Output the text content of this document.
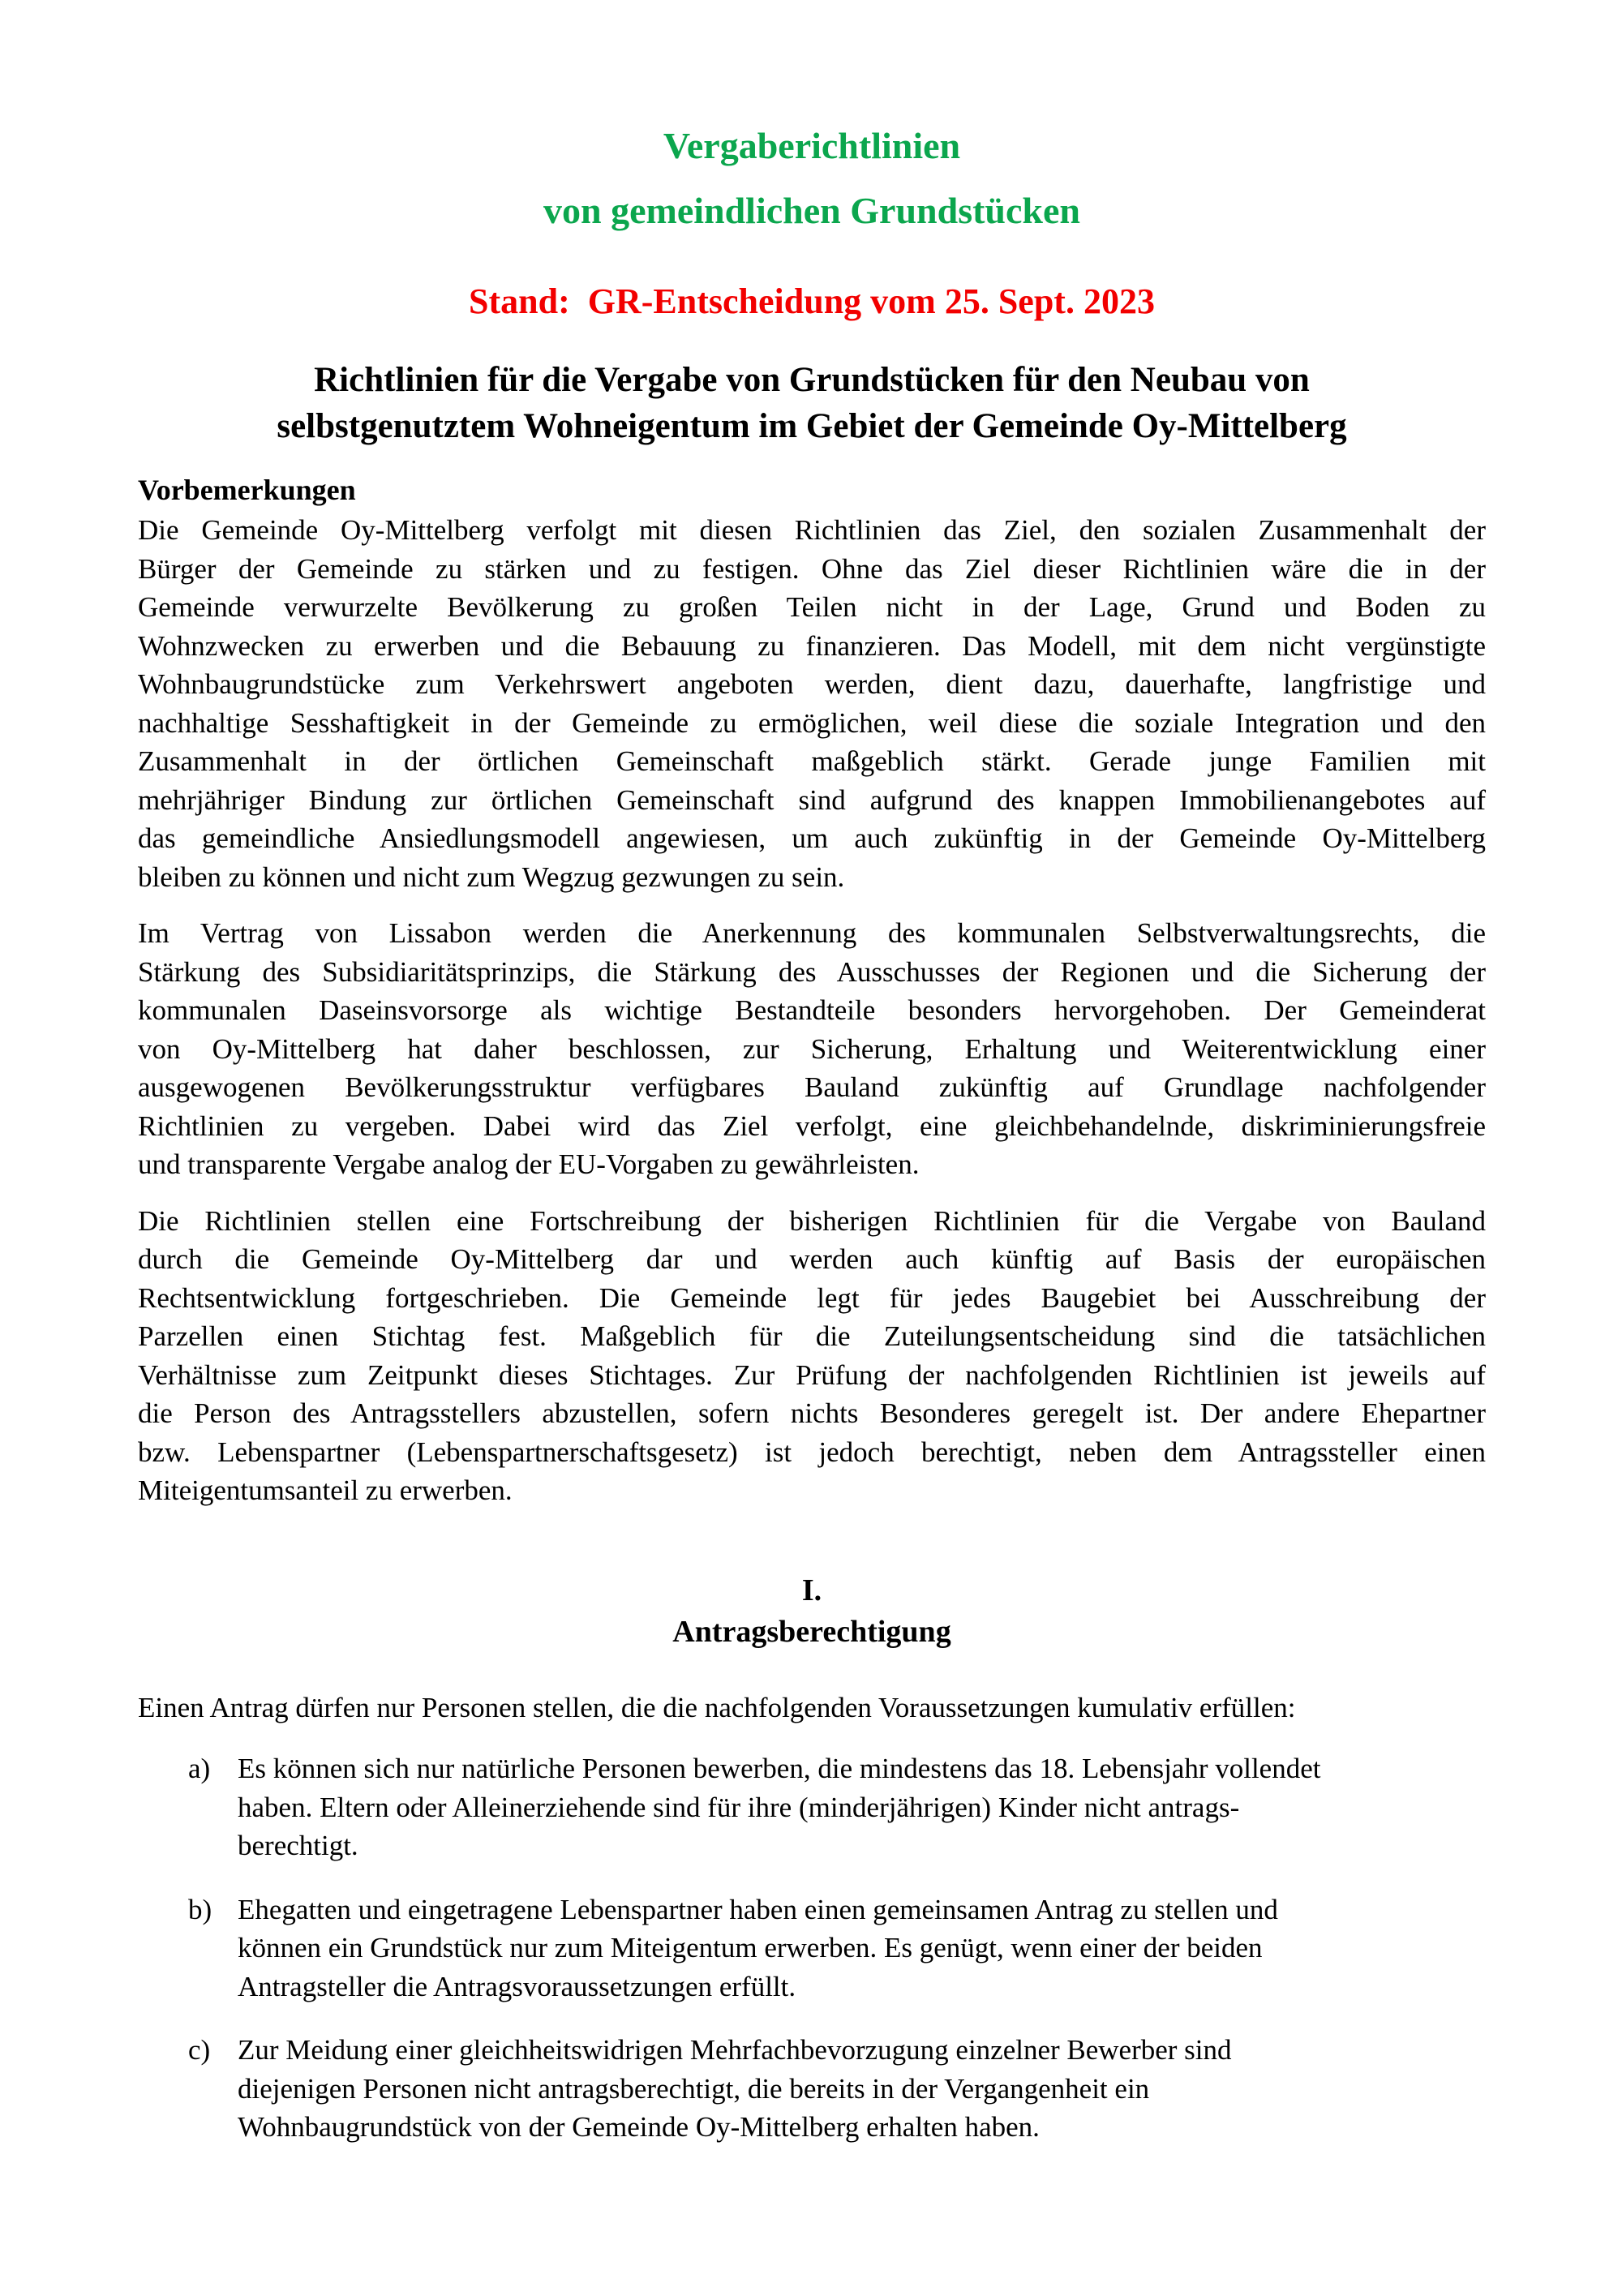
Vergaberichtlinien
von gemeindlichen Grundstücken
Stand:  GR-Entscheidung vom 25. Sept. 2023
Richtlinien für die Vergabe von Grundstücken für den Neubau von
selbstgenutztem Wohneigentum im Gebiet der Gemeinde Oy-Mittelberg
Vorbemerkungen
Die Gemeinde Oy-Mittelberg verfolgt mit diesen Richtlinien das Ziel, den sozialen Zusammenhalt der
Bürger der Gemeinde zu stärken und zu festigen. Ohne das Ziel dieser Richtlinien wäre die in der
Gemeinde verwurzelte Bevölkerung zu großen Teilen nicht in der Lage, Grund und Boden zu
Wohnzwecken zu erwerben und die Bebauung zu finanzieren. Das Modell, mit dem nicht vergünstigte
Wohnbaugrundstücke zum Verkehrswert angeboten werden, dient dazu, dauerhafte, langfristige und
nachhaltige Sesshaftigkeit in der Gemeinde zu ermöglichen, weil diese die soziale Integration und den
Zusammenhalt in der örtlichen Gemeinschaft maßgeblich stärkt. Gerade junge Familien mit
mehrjähriger Bindung zur örtlichen Gemeinschaft sind aufgrund des knappen Immobilienangebotes auf
das gemeindliche Ansiedlungsmodell angewiesen, um auch zukünftig in der Gemeinde Oy-Mittelberg
bleiben zu können und nicht zum Wegzug gezwungen zu sein.
Im Vertrag von Lissabon werden die Anerkennung des kommunalen Selbstverwaltungsrechts, die
Stärkung des Subsidiaritätsprinzips, die Stärkung des Ausschusses der Regionen und die Sicherung der
kommunalen Daseinsvorsorge als wichtige Bestandteile besonders hervorgehoben. Der Gemeinderat
von Oy-Mittelberg hat daher beschlossen, zur Sicherung, Erhaltung und Weiterentwicklung einer
ausgewogenen Bevölkerungsstruktur verfügbares Bauland zukünftig auf Grundlage nachfolgender
Richtlinien zu vergeben. Dabei wird das Ziel verfolgt, eine gleichbehandelnde, diskriminierungsfreie
und transparente Vergabe analog der EU-Vorgaben zu gewährleisten.
Die Richtlinien stellen eine Fortschreibung der bisherigen Richtlinien für die Vergabe von Bauland
durch die Gemeinde Oy-Mittelberg dar und werden auch künftig auf Basis der europäischen
Rechtsentwicklung fortgeschrieben. Die Gemeinde legt für jedes Baugebiet bei Ausschreibung der
Parzellen einen Stichtag fest. Maßgeblich für die Zuteilungsentscheidung sind die tatsächlichen
Verhältnisse zum Zeitpunkt dieses Stichtages. Zur Prüfung der nachfolgenden Richtlinien ist jeweils auf
die Person des Antragsstellers abzustellen, sofern nichts Besonderes geregelt ist. Der andere Ehepartner
bzw. Lebenspartner (Lebenspartnerschaftsgesetz) ist jedoch berechtigt, neben dem Antragssteller einen
Miteigentumsanteil zu erwerben.
I.
Antragsberechtigung

Einen Antrag dürfen nur Personen stellen, die die nachfolgenden Voraussetzungen kumulativ erfüllen:

a) Es können sich nur natürliche Personen bewerben, die mindestens das 18. Lebensjahr vollendet
haben. Eltern oder Alleinerziehende sind für ihre (minderjährigen) Kinder nicht antrags-
berechtigt.
b) Ehegatten und eingetragene Lebenspartner haben einen gemeinsamen Antrag zu stellen und
können ein Grundstück nur zum Miteigentum erwerben. Es genügt, wenn einer der beiden
Antragsteller die Antragsvoraussetzungen erfüllt.
c) Zur Meidung einer gleichheitswidrigen Mehrfachbevorzugung einzelner Bewerber sind
diejenigen Personen nicht antragsberechtigt, die bereits in der Vergangenheit ein
Wohnbaugrundstück von der Gemeinde Oy-Mittelberg erhalten haben.
